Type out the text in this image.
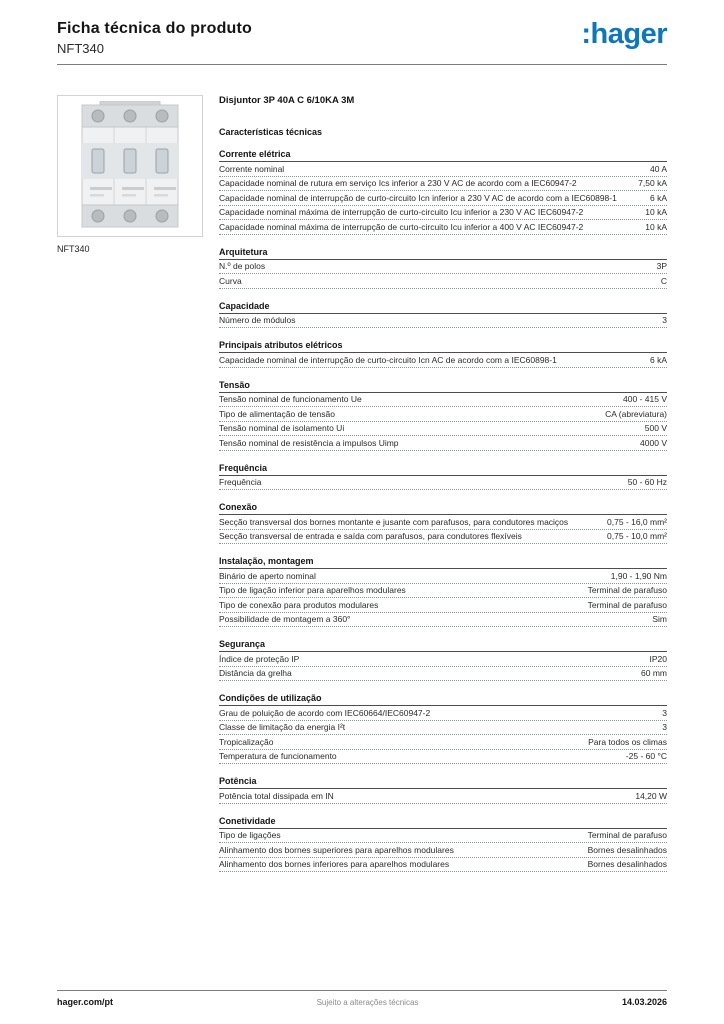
Ficha técnica do produto
NFT340	:hager
NFT340
Disjuntor 3P 40A C 6/10KA 3M
Características técnicas
Corrente elétrica
Corrente nominal	40 A
Capacidade nominal de rutura em serviço Ics inferior a 230 V AC de acordo com a IEC60947-2	7,50 kA
Capacidade nominal de interrupção de curto-circuito Icn inferior a 230 V AC de acordo com a IEC60898-1	6 kA
Capacidade nominal máxima de interrupção de curto-circuito Icu inferior a 230 V AC IEC60947-2	10 kA
Capacidade nominal máxima de interrupção de curto-circuito Icu inferior a 400 V AC IEC60947-2	10 kA
Arquitetura
N.º de polos	3P
Curva	C
Capacidade
Número de módulos	3
Principais atributos elétricos
Capacidade nominal de interrupção de curto-circuito Icn AC de acordo com a IEC60898-1	6 kA
Tensão
Tensão nominal de funcionamento Ue	400 - 415 V
Tipo de alimentação de tensão	CA (abreviatura)
Tensão nominal de isolamento Ui	500 V
Tensão nominal de resistência a impulsos Uimp	4000 V
Frequência
Frequência	50 - 60 Hz
Conexão
Secção transversal dos bornes montante e jusante com parafusos, para condutores maciços	0,75 - 16,0 mm²
Secção transversal de entrada e saída com parafusos, para condutores flexíveis	0,75 - 10,0 mm²
Instalação, montagem
Binário de aperto nominal	1,90 - 1,90 Nm
Tipo de ligação inferior para aparelhos modulares	Terminal de parafuso
Tipo de conexão para produtos modulares	Terminal de parafuso
Possibilidade de montagem a 360°	Sim
Segurança
Índice de proteção IP	IP20
Distância da grelha	60 mm
Condições de utilização
Grau de poluição de acordo com IEC60664/IEC60947-2	3
Classe de limitação da energia I²t	3
Tropicalização	Para todos os climas
Temperatura de funcionamento	-25 - 60 °C
Potência
Potência total dissipada em IN	14,20 W
Conetividade
Tipo de ligações	Terminal de parafuso
Alinhamento dos bornes superiores para aparelhos modulares	Bornes desalinhados
Alinhamento dos bornes inferiores para aparelhos modulares	Bornes desalinhados
hager.com/pt	Sujeito a alterações técnicas	14.03.2026
